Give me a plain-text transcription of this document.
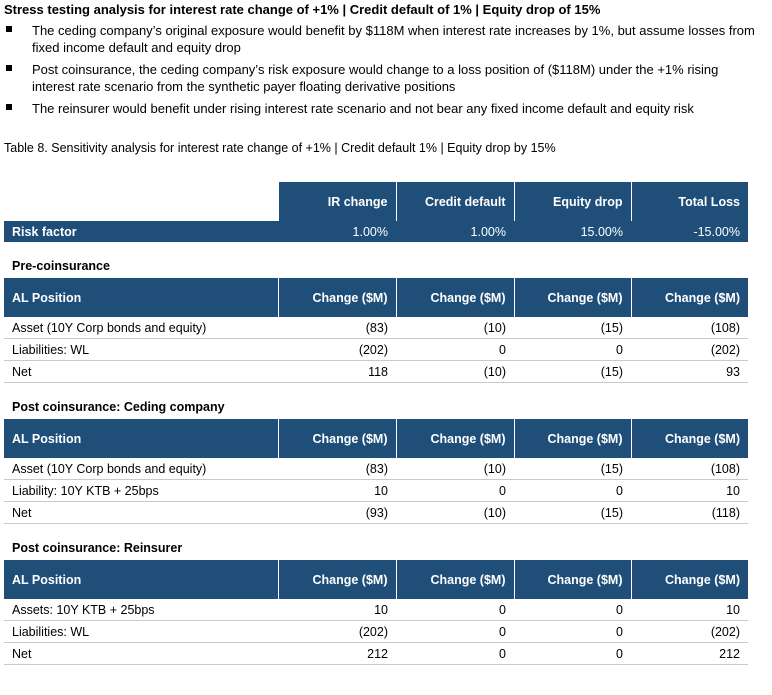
Stress testing analysis for interest rate change of +1% | Credit default of 1% | Equity drop of 15%
The ceding company’s original exposure would benefit by $118M when interest rate increases by 1%, but assume losses from fixed income default and equity drop
Post coinsurance, the ceding company’s risk exposure would change to a loss position of ($118M) under the +1% rising interest rate scenario from the synthetic payer floating derivative positions
The reinsurer would benefit under rising interest rate scenario and not bear any fixed income default and equity risk
Table 8. Sensitivity analysis for interest rate change of +1% | Credit default 1% | Equity drop by 15%
	IR change	Credit default	Equity drop	Total Loss
Risk factor	1.00%	1.00%	15.00%	-15.00%

Pre-coinsurance				
AL Position	Change ($M)	Change ($M)	Change ($M)	Change ($M)
Asset (10Y Corp bonds and equity)	(83)	(10)	(15)	(108)
Liabilities: WL	(202)	0	0	(202)
Net	118	(10)	(15)	93

Post coinsurance: Ceding company				
AL Position	Change ($M)	Change ($M)	Change ($M)	Change ($M)
Asset (10Y Corp bonds and equity)	(83)	(10)	(15)	(108)
Liability: 10Y KTB + 25bps	10	0	0	10
Net	(93)	(10)	(15)	(118)

Post coinsurance: Reinsurer				
AL Position	Change ($M)	Change ($M)	Change ($M)	Change ($M)
Assets: 10Y KTB + 25bps	10	0	0	10
Liabilities: WL	(202)	0	0	(202)
Net	212	0	0	212
